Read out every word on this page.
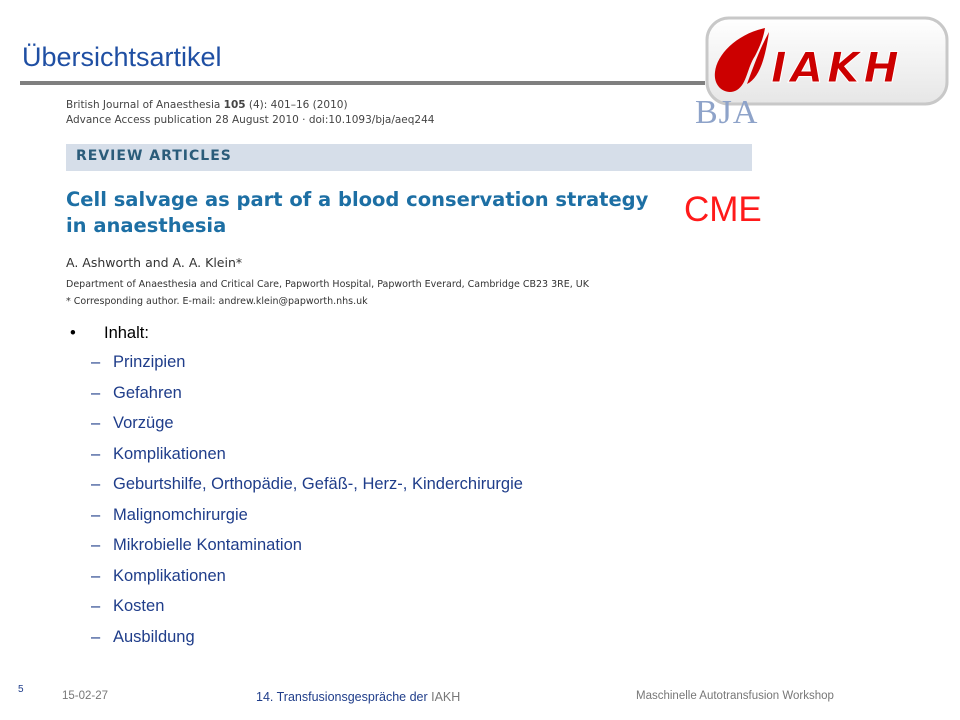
Übersichtsartikel	IAKH
BJA
British Journal of Anaesthesia 105 (4): 401–16 (2010)
Advance Access publication 28 August 2010 · doi:10.1093/bja/aeq244
REVIEW ARTICLES
Cell salvage as part of a blood conservation strategy
in anaesthesia	CME
A. Ashworth and A. A. Klein*
Department of Anaesthesia and Critical Care, Papworth Hospital, Papworth Everard, Cambridge CB23 3RE, UK
* Corresponding author. E-mail: andrew.klein@papworth.nhs.uk
• Inhalt:
– Prinzipien
– Gefahren
– Vorzüge
– Komplikationen
– Geburtshilfe, Orthopädie, Gefäß-, Herz-, Kinderchirurgie
– Malignomchirurgie
– Mikrobielle Kontamination
– Komplikationen
– Kosten
– Ausbildung
5
15-02-27	14. Transfusionsgespräche der IAKH	Maschinelle Autotransfusion Workshop
